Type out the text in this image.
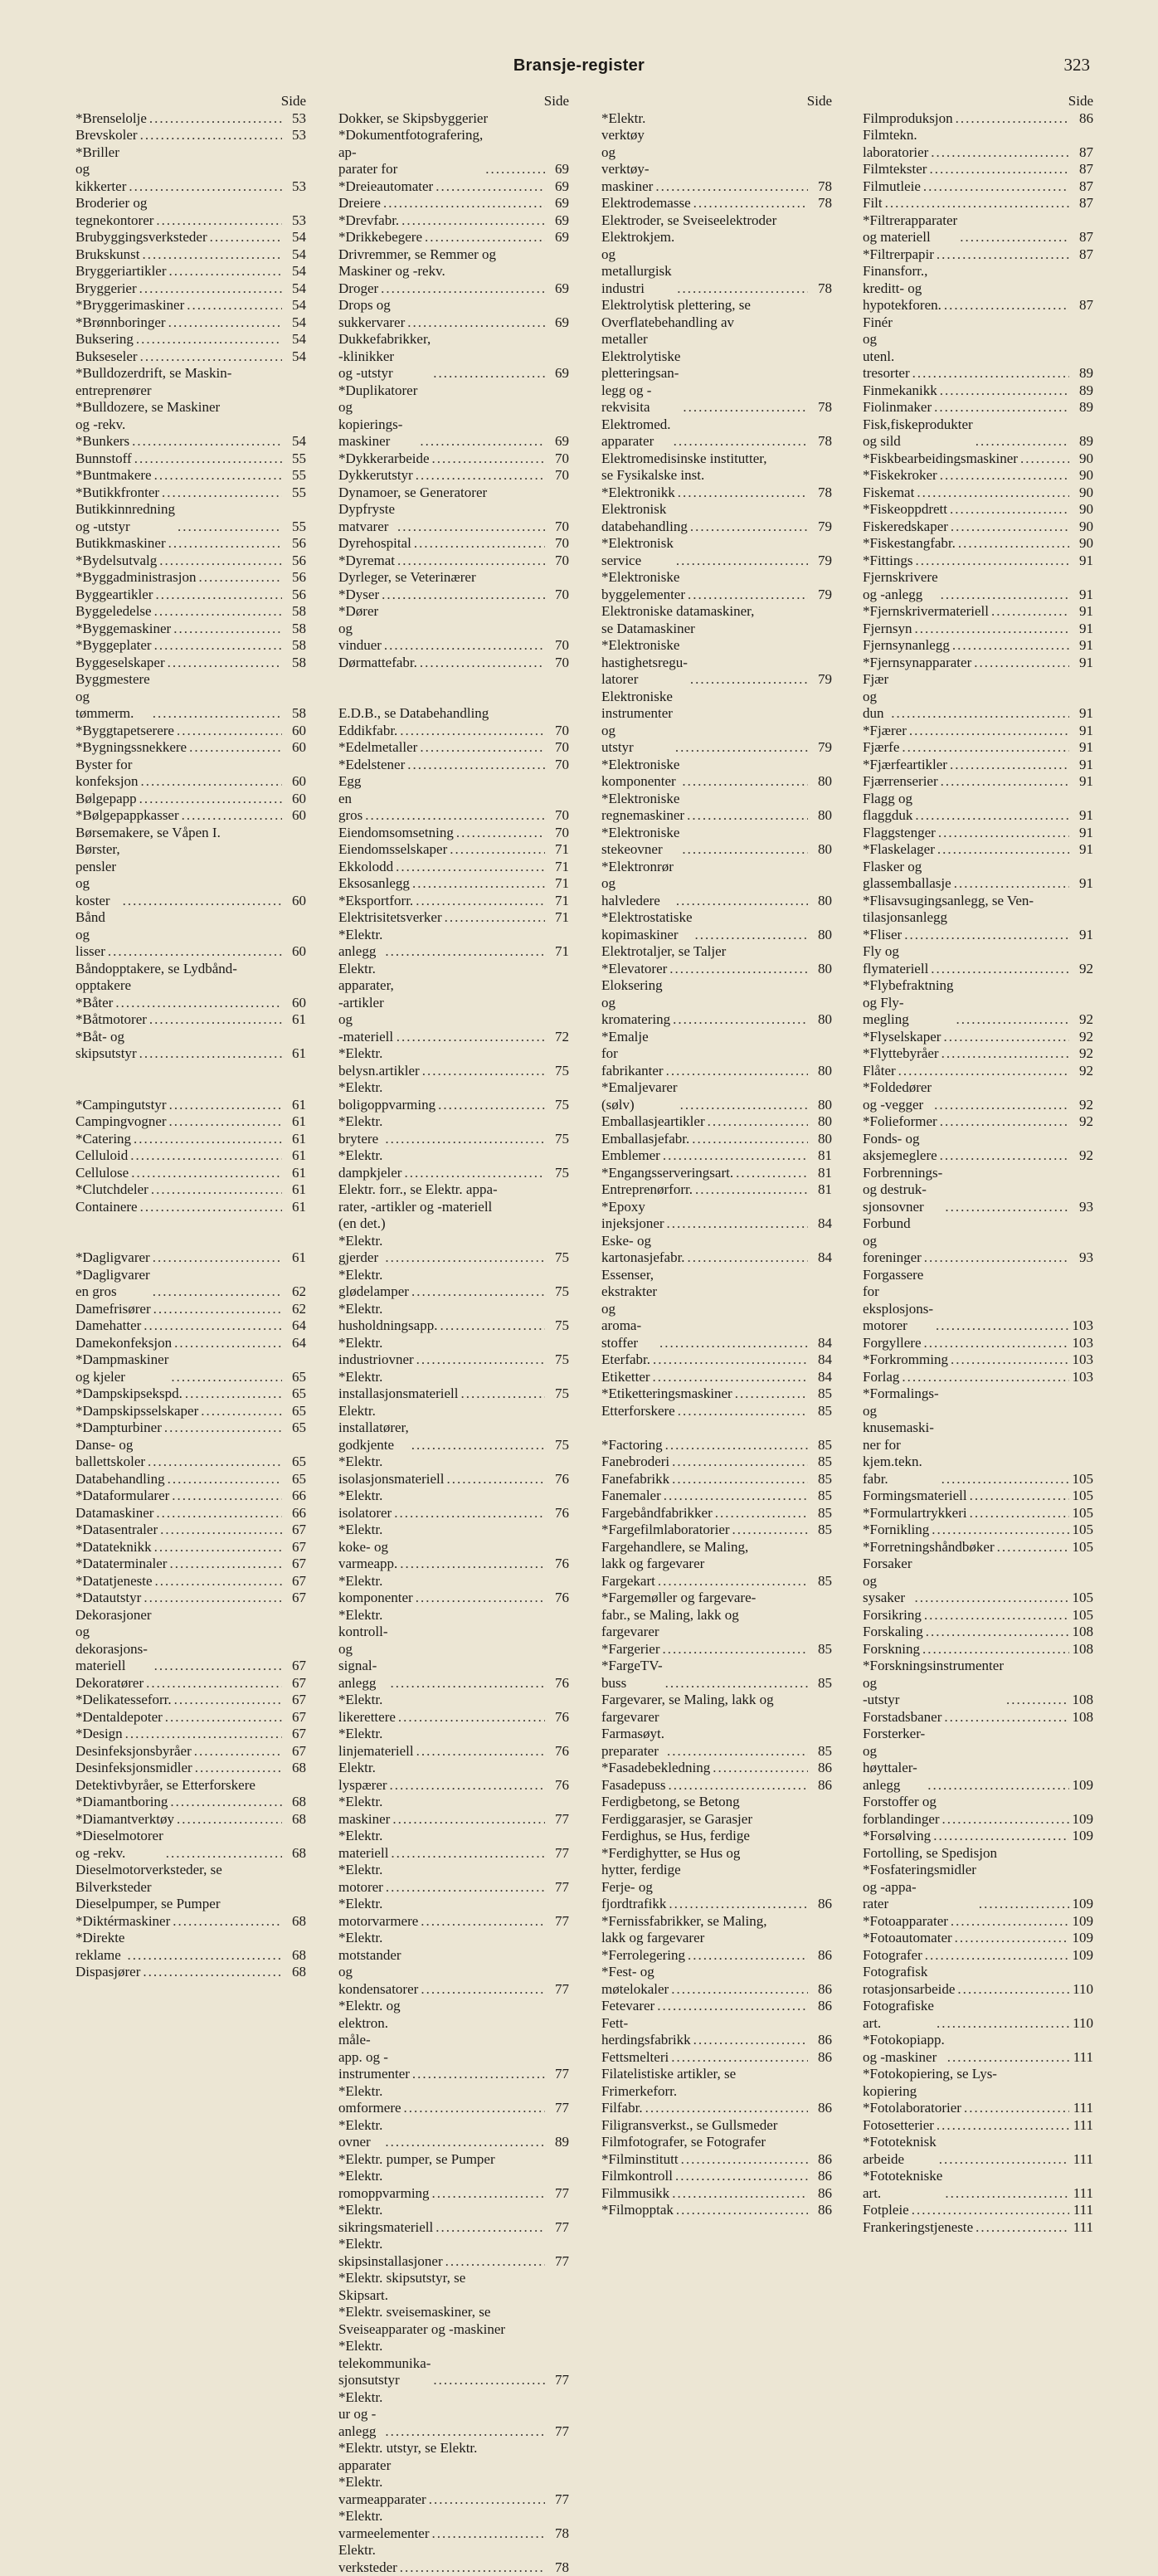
Bransje-register	323
Side
*Brenselolje .....	53
Brevskoler .....	53
*Briller og kikkerter .....	53
Broderier og tegnekontorer .....	53
Brubyggingsverksteder .....	54
Brukskunst .....	54
Bryggeriartikler .....	54
Bryggerier .....	54
*Bryggerimaskiner .....	54
*Brønnboringer .....	54
Buksering .....	54
Bukseseler .....	54
*Bulldozerdrift, se Maskin-
entreprenører
*Bulldozere, se Maskiner
og -rekv.
*Bunkers .....	54
Bunnstoff .....	55
*Buntmakere .....	55
*Butikkfronter .....	55
Butikkinnredning og -utstyr .....	55
Butikkmaskiner .....	56
*Bydelsutvalg .....	56
*Byggadministrasjon .....	56
Byggeartikler .....	56
Byggeledelse .....	58
*Byggemaskiner .....	58
*Byggeplater .....	58
Byggeselskaper .....	58
Byggmestere og tømmerm. .....	58
*Byggtapetserere .....	60
*Bygningssnekkere .....	60
Byster for konfeksjon .....	60
Bølgepapp .....	60
*Bølgepappkasser .....	60
Børsemakere, se Våpen I.
Børster, pensler og koster .....	60
Bånd og lisser .....	60
Båndopptakere, se Lydbånd-
opptakere
*Båter .....	60
*Båtmotorer .....	61
*Båt- og skipsutstyr .....	61
*Campingutstyr .....	61
Campingvogner .....	61
*Catering .....	61
Celluloid .....	61
Cellulose .....	61
*Clutchdeler .....	61
Containere .....	61
*Dagligvarer .....	61
*Dagligvarer en gros .....	62
Damefrisører .....	62
Damehatter .....	64
Damekonfeksjon .....	64
*Dampmaskiner og kjeler .....	65
*Dampskipsekspd. .....	65
*Dampskipsselskaper .....	65
*Dampturbiner .....	65
Danse- og ballettskoler .....	65
Databehandling .....	65
*Dataformularer .....	66
Datamaskiner .....	66
*Datasentraler .....	67
*Datateknikk .....	67
*Dataterminaler .....	67
*Datatjeneste .....	67
*Datautstyr .....	67
Dekorasjoner og dekorasjons-
materiell .....	67
Dekoratører .....	67
*Delikatesseforr. .....	67
*Dentaldepoter .....	67
*Design .....	67
Desinfeksjonsbyråer .....	67
Desinfeksjonsmidler .....	68
Detektivbyråer, se Etterforskere
*Diamantboring .....	68
*Diamantverktøy .....	68
*Dieselmotorer og -rekv. .....	68
Dieselmotorverksteder, se
Bilverksteder
Dieselpumper, se Pumper
*Diktérmaskiner .....	68
*Direkte reklame .....	68
Dispasjører .....	68
Side
Dokker, se Skipsbyggerier
*Dokumentfotografering, ap-
parater for .....	69
*Dreieautomater .....	69
Dreiere .....	69
*Drevfabr. .....	69
*Drikkebegere .....	69
Drivremmer, se Remmer og
Maskiner og -rekv.
Droger .....	69
Drops og sukkervarer .....	69
Dukkefabrikker, -klinikker
og -utstyr .....	69
*Duplikatorer og kopierings-
maskiner .....	69
*Dykkerarbeide .....	70
Dykkerutstyr .....	70
Dynamoer, se Generatorer
Dypfryste matvarer .....	70
Dyrehospital .....	70
*Dyremat .....	70
Dyrleger, se Veterinærer
*Dyser .....	70
*Dører og vinduer .....	70
Dørmattefabr. .....	70
E.D.B., se Databehandling
Eddikfabr. .....	70
*Edelmetaller .....	70
*Edelstener .....	70
Egg en gros .....	70
Eiendomsomsetning .....	70
Eiendomsselskaper .....	71
Ekkolodd .....	71
Eksosanlegg .....	71
*Eksportforr. .....	71
Elektrisitetsverker .....	71
*Elektr. anlegg .....	71
Elektr. apparater, -artikler og
-materiell .....	72
*Elektr. belysn.artikler .....	75
*Elektr. boligoppvarming .....	75
*Elektr. brytere .....	75
*Elektr. dampkjeler .....	75
Elektr. forr., se Elektr. appa-
rater, -artikler og -materiell
(en det.)
*Elektr. gjerder .....	75
*Elektr. glødelamper .....	75
*Elektr. husholdningsapp. .....	75
*Elektr. industriovner .....	75
*Elektr. installasjonsmateriell .....	75
Elektr. installatører, godkjente .....	75
*Elektr. isolasjonsmateriell .....	76
*Elektr. isolatorer .....	76
*Elektr. koke- og varmeapp. .....	76
*Elektr. komponenter .....	76
*Elektr. kontroll- og signal-
anlegg .....	76
*Elektr. likerettere .....	76
*Elektr. linjemateriell .....	76
Elektr. lyspærer .....	76
*Elektr. maskiner .....	77
*Elektr. materiell .....	77
*Elektr. motorer .....	77
*Elektr. motorvarmere .....	77
*Elektr. motstander og
kondensatorer .....	77
*Elektr. og elektron. måle-
app. og -instrumenter .....	77
*Elektr. omformere .....	77
*Elektr. ovner .....	89
*Elektr. pumper, se Pumper
*Elektr. romoppvarming .....	77
*Elektr. sikringsmateriell .....	77
*Elektr. skipsinstallasjoner .....	77
*Elektr. skipsutstyr, se
Skipsart.
*Elektr. sveisemaskiner, se
Sveiseapparater og -maskiner
*Elektr. telekommunika-
sjonsutstyr .....	77
*Elektr. ur og -anlegg .....	77
*Elektr. utstyr, se Elektr.
apparater
*Elektr. varmeapparater .....	77
*Elektr. varmeelementer .....	78
Elektr. verksteder .....	78
Side
*Elektr. verktøy og verktøy-
maskiner .....	78
Elektrodemasse .....	78
Elektroder, se Sveiseelektroder
Elektrokjem. og metallurgisk
industri .....	78
Elektrolytisk plettering, se
Overflatebehandling av
metaller
Elektrolytiske pletteringsan-
legg og -rekvisita .....	78
Elektromed. apparater .....	78
Elektromedisinske institutter,
se Fysikalske inst.
*Elektronikk .....	78
Elektronisk databehandling .....	79
*Elektronisk service .....	79
*Elektroniske byggelementer .....	79
Elektroniske datamaskiner,
se Datamaskiner
*Elektroniske hastighetsregu-
latorer .....	79
Elektroniske instrumenter og
utstyr .....	79
*Elektroniske komponenter .....	80
*Elektroniske regnemaskiner .....	80
*Elektroniske stekeovner .....	80
*Elektronrør og halvledere .....	80
*Elektrostatiske kopimaskiner .....	80
Elektrotaljer, se Taljer
*Elevatorer .....	80
Eloksering og kromatering .....	80
*Emalje for fabrikanter .....	80
*Emaljevarer (sølv) .....	80
Emballasjeartikler .....	80
Emballasjefabr. .....	80
Emblemer .....	81
*Engangsserveringsart. .....	81
Entreprenørforr. .....	81
*Epoxy injeksjoner .....	84
Eske- og kartonasjefabr. .....	84
Essenser, ekstrakter og aroma-
stoffer .....	84
Eterfabr. .....	84
Etiketter .....	84
*Etiketteringsmaskiner .....	85
Etterforskere .....	85
*Factoring .....	85
Fanebroderi .....	85
Fanefabrikk .....	85
Fanemaler .....	85
Fargebåndfabrikker .....	85
*Fargefilmlaboratorier .....	85
Fargehandlere, se Maling,
lakk og fargevarer
Fargekart .....	85
*Fargemøller og fargevare-
fabr., se Maling, lakk og
fargevarer
*Fargerier .....	85
*FargeTV-buss .....	85
Fargevarer, se Maling, lakk og
fargevarer
Farmasøyt. preparater .....	85
*Fasadebekledning .....	86
Fasadepuss .....	86
Ferdigbetong, se Betong
Ferdiggarasjer, se Garasjer
Ferdighus, se Hus, ferdige
*Ferdighytter, se Hus og
hytter, ferdige
Ferje- og fjordtrafikk .....	86
*Fernissfabrikker, se Maling,
lakk og fargevarer
*Ferrolegering .....	86
*Fest- og møtelokaler .....	86
Fetevarer .....	86
Fett-herdingsfabrikk .....	86
Fettsmelteri .....	86
Filatelistiske artikler, se
Frimerkeforr.
Filfabr. .....	86
Filigransverkst., se Gullsmeder
Filmfotografer, se Fotografer
*Filminstitutt .....	86
Filmkontroll .....	86
Filmmusikk .....	86
*Filmopptak .....	86
Side
Filmproduksjon .....	86
Filmtekn. laboratorier .....	87
Filmtekster .....	87
Filmutleie .....	87
Filt .....	87
*Filtrerapparater og materiell .....	87
*Filtrerpapir .....	87
Finansforr., kreditt- og
hypotekforen. .....	87
Finér og utenl. tresorter .....	89
Finmekanikk .....	89
Fiolinmaker .....	89
Fisk,fiskeprodukter og sild .....	89
*Fiskbearbeidingsmaskiner .....	90
*Fiskekroker .....	90
Fiskemat .....	90
*Fiskeoppdrett .....	90
Fiskeredskaper .....	90
*Fiskestangfabr. .....	90
*Fittings .....	91
Fjernskrivere og -anlegg .....	91
*Fjernskrivermateriell .....	91
Fjernsyn .....	91
Fjernsynanlegg .....	91
*Fjernsynapparater .....	91
Fjær og dun .....	91
*Fjærer .....	91
Fjærfe .....	91
*Fjærfeartikler .....	91
Fjærrenserier .....	91
Flagg og flaggduk .....	91
Flaggstenger .....	91
*Flaskelager .....	91
Flasker og glassemballasje .....	91
*Flisavsugingsanlegg, se Ven-
tilasjonsanlegg
*Fliser .....	91
Fly og flymateriell .....	92
*Flybefraktning og Fly-
megling .....	92
*Flyselskaper .....	92
*Flyttebyråer .....	92
Flåter .....	92
*Foldedører og -vegger .....	92
*Folieformer .....	92
Fonds- og aksjemeglere .....	92
Forbrennings- og destruk-
sjonsovner .....	93
Forbund og foreninger .....	93
Forgassere for eksplosjons-
motorer .....	103
Forgyllere .....	103
*Forkromming .....	103
Forlag .....	103
*Formalings- og knusemaski-
ner for kjem.tekn. fabr. .....	105
Formingsmateriell .....	105
*Formulartrykkeri .....	105
*Fornikling .....	105
*Forretningshåndbøker .....	105
Forsaker og sysaker .....	105
Forsikring .....	105
Forskaling .....	108
Forskning .....	108
*Forskningsinstrumenter og
-utstyr .....	108
Forstadsbaner .....	108
Forsterker- og høyttaler-
anlegg .....	109
Forstoffer og forblandinger .....	109
*Forsølving .....	109
Fortolling, se Spedisjon
*Fosfateringsmidler og -appa-
rater .....	109
*Fotoapparater .....	109
*Fotoautomater .....	109
Fotografer .....	109
Fotografisk rotasjonsarbeide .....	110
Fotografiske art. .....	110
*Fotokopiapp. og -maskiner .....	111
*Fotokopiering, se Lys-
kopiering
*Fotolaboratorier .....	111
Fotosetterier .....	111
*Fototeknisk arbeide .....	111
*Fototekniske art. .....	111
Fotpleie .....	111
Frankeringstjeneste .....	111
